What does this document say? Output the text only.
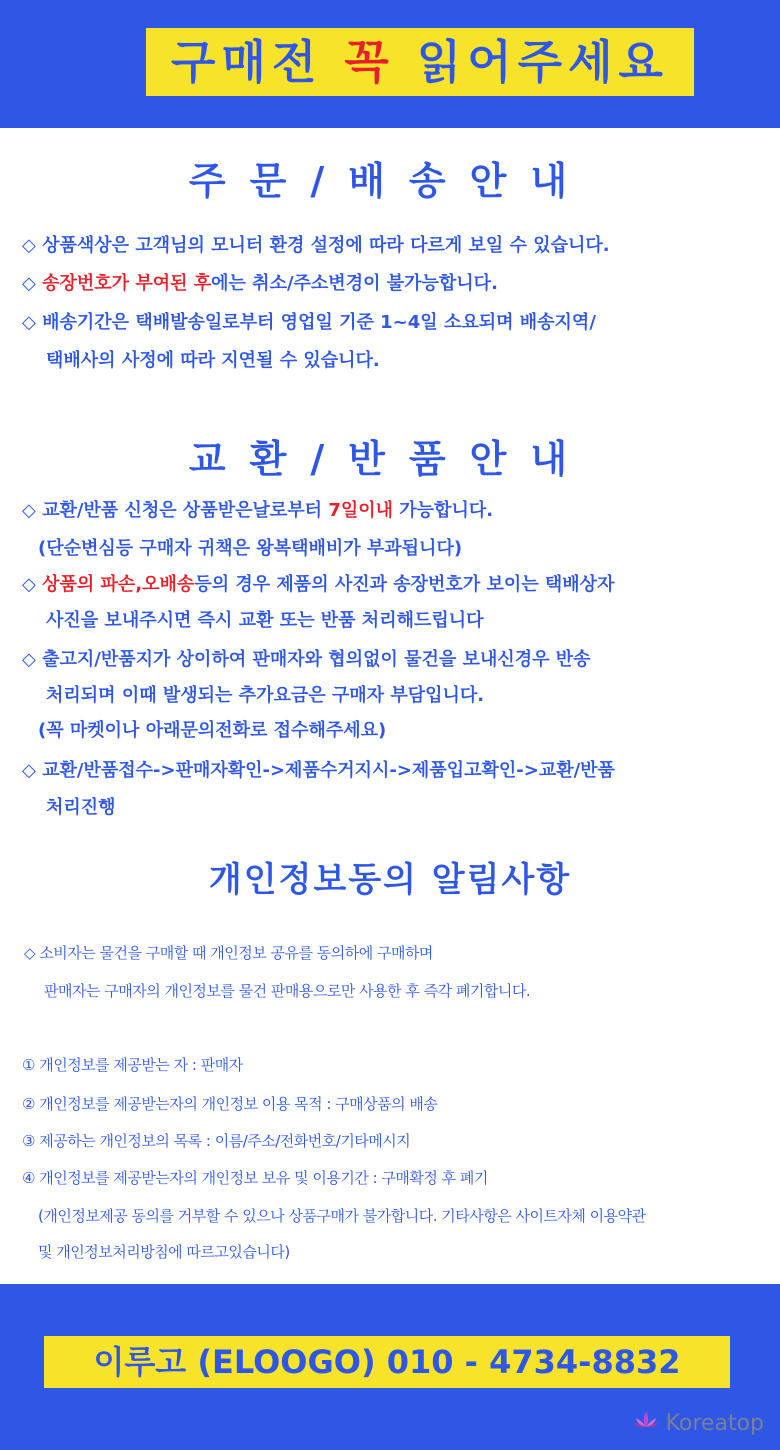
구매전 꼭 읽어주세요
주문/배송안내
◇ 상품색상은 고객님의 모니터 환경 설정에 따라 다르게 보일 수 있습니다.
◇ 송장번호가 부여된 후에는 취소/주소변경이 불가능합니다.
◇ 배송기간은 택배발송일로부터 영업일 기준 1~4일 소요되며 배송지역/
택배사의 사정에 따라 지연될 수 있습니다.
교환/반품안내
◇ 교환/반품 신청은 상품받은날로부터 7일이내 가능합니다.
(단순변심등 구매자 귀책은 왕복택배비가 부과됩니다)
◇ 상품의 파손,오배송등의 경우 제품의 사진과 송장번호가 보이는 택배상자
사진을 보내주시면 즉시 교환 또는 반품 처리해드립니다
◇ 출고지/반품지가 상이하여 판매자와 협의없이 물건을 보내신경우 반송
처리되며 이때 발생되는 추가요금은 구매자 부담입니다.
(꼭 마켓이나 아래문의전화로 접수해주세요)
◇ 교환/반품접수->판매자확인->제품수거지시->제품입고확인->교환/반품
처리진행
개인정보동의 알림사항
◇ 소비자는 물건을 구매할 때 개인정보 공유를 동의하에 구매하며
판매자는 구매자의 개인정보를 물건 판매용으로만 사용한 후 즉각 폐기합니다.
① 개인정보를 제공받는 자 : 판매자
② 개인정보를 제공받는자의 개인정보 이용 목적 : 구매상품의 배송
③ 제공하는 개인정보의 목록 : 이름/주소/전화번호/기타메시지
④ 개인정보를 제공받는자의 개인정보 보유 및 이용기간 : 구매확정 후 폐기
(개인정보제공 동의를 거부할 수 있으나 상품구매가 불가합니다. 기타사항은 사이트자체 이용약관
및 개인정보처리방침에 따르고있습니다)
이루고 (ELOOGO) 010 - 4734-8832
Koreatop
